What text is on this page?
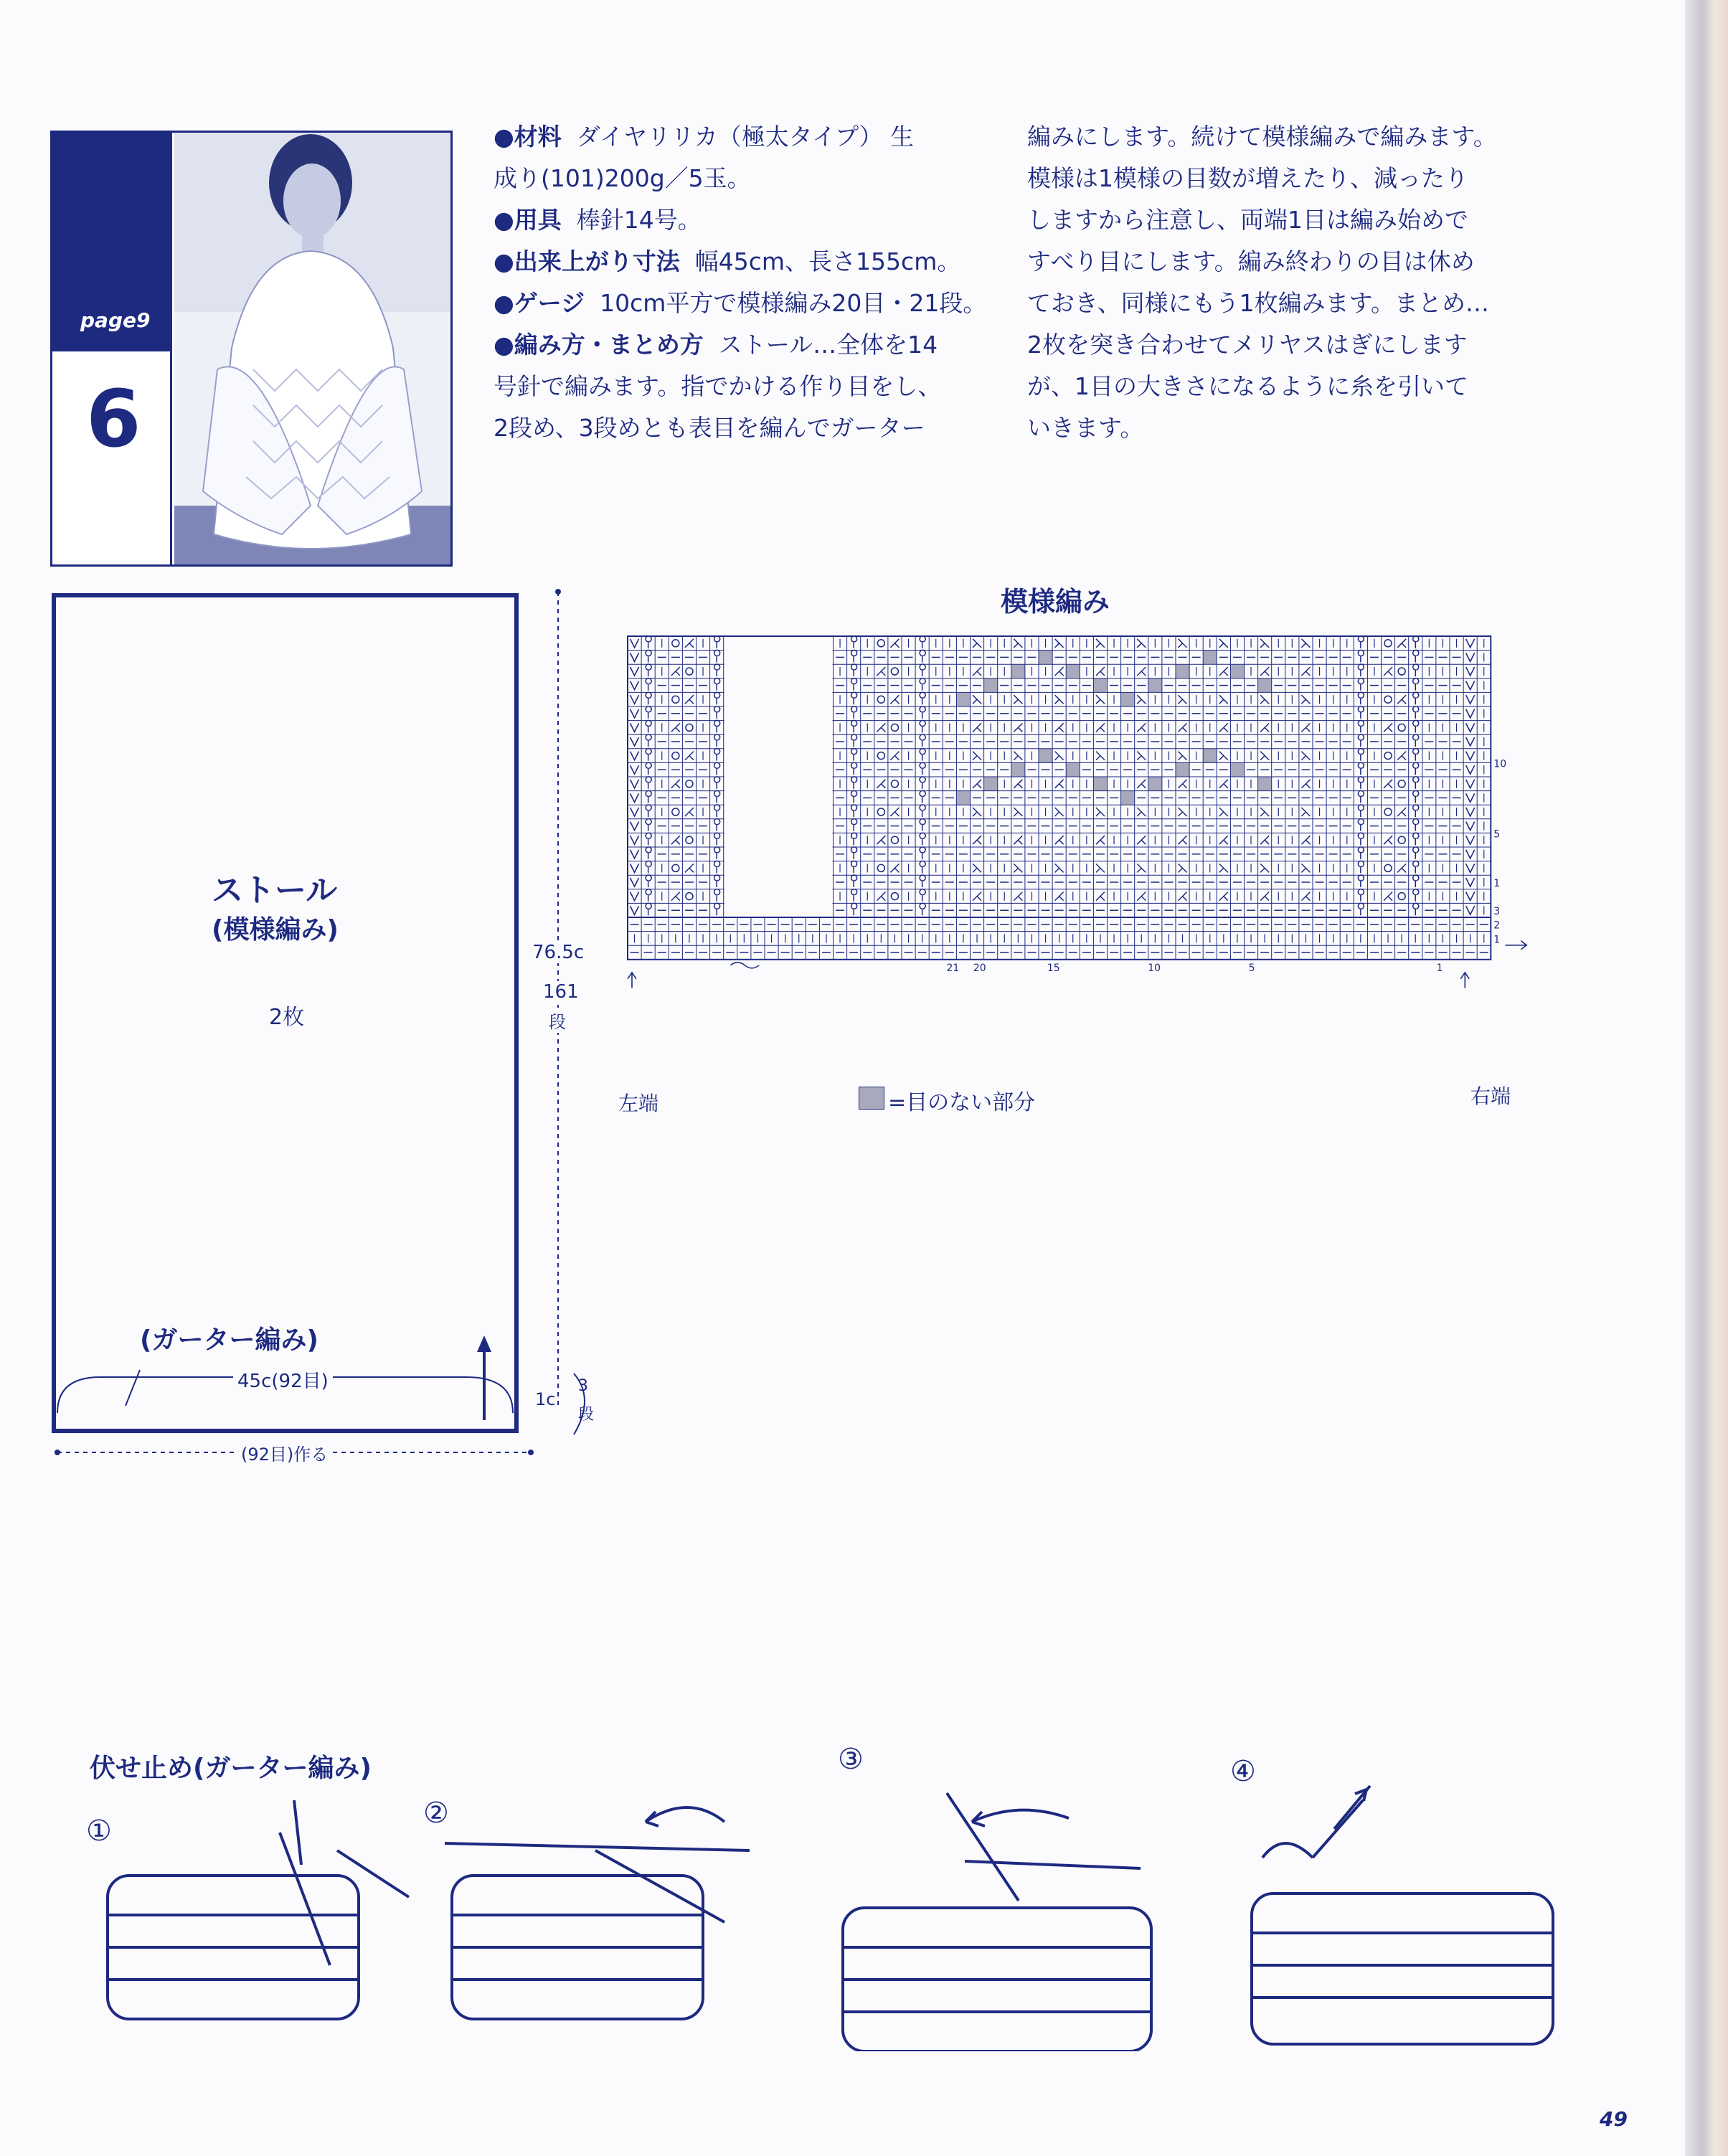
page9
6
●材料 ダイヤリリカ（極太タイプ） 生
成り(101)200g／5玉。
●用具 棒針14号。
●出来上がり寸法 幅45cm、長さ155cm。
●ゲージ 10cm平方で模様編み20目・21段。
●編み方・まとめ方 ストール…全体を14
号針で編みます。指でかける作り目をし、
2段め、3段めとも表目を編んでガーター
編みにします。続けて模様編みで編みます。
模様は1模様の目数が増えたり、減ったり
しますから注意し、両端1目は編み始めで
すべり目にします。編み終わりの目は休め
ておき、同様にもう1枚編みます。まとめ…
2枚を突き合わせてメリヤスはぎにします
が、1目の大きさになるように糸を引いて
いきます。
ストール
(模様編み)
2枚
(ガーター編み)
45c(92目)
(92目)作る
76.5c
161
段
1c
3
段
模様編み
21 20	15	10	5	1
10
5
1
3
2
1
左端	右端
=目のない部分
伏せ止め(ガーター編み)
①
②
③	④
49
